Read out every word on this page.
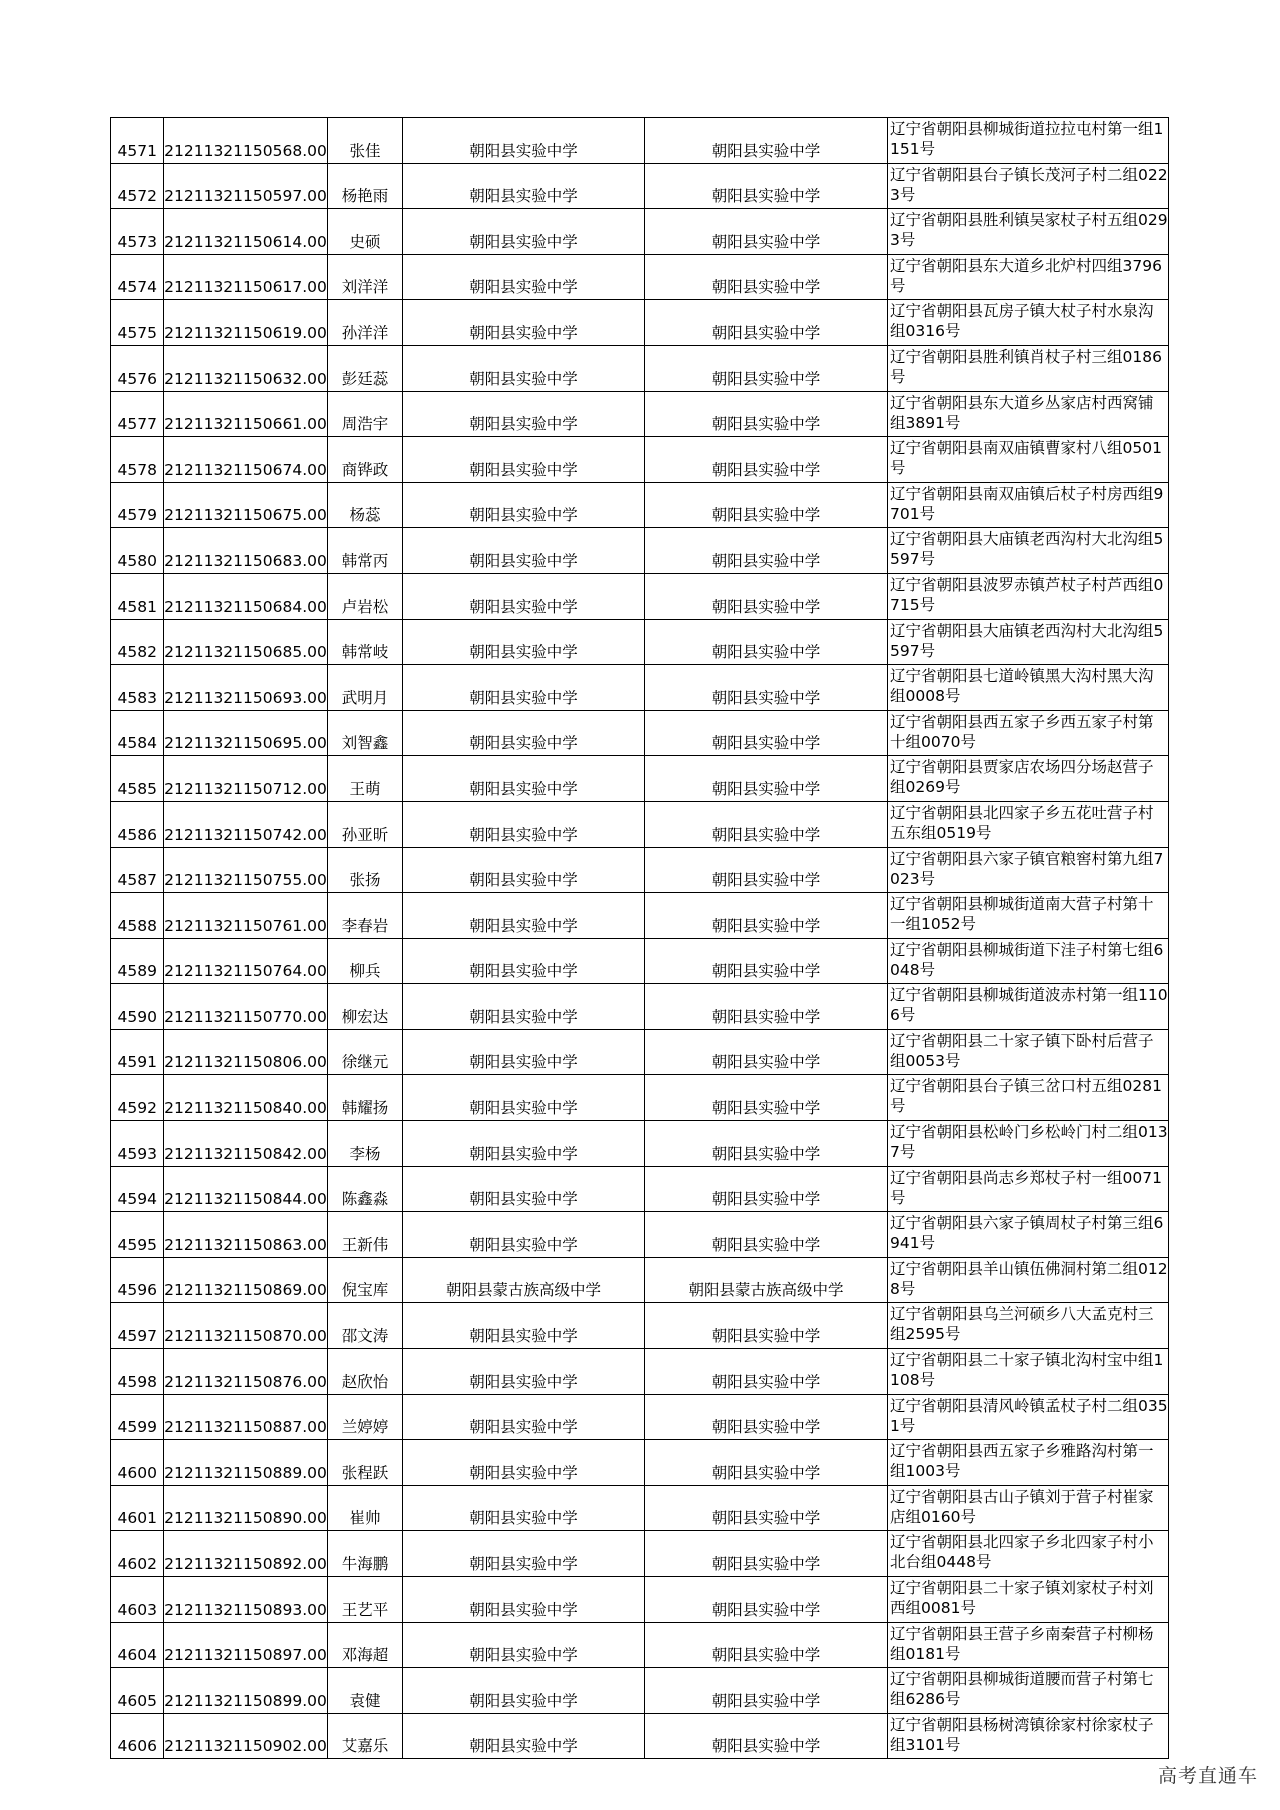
4571	21211321150568.00	张佳	朝阳县实验中学	朝阳县实验中学	辽宁省朝阳县柳城街道拉拉屯村第一组1151号
4572	21211321150597.00	杨艳雨	朝阳县实验中学	朝阳县实验中学	辽宁省朝阳县台子镇长茂河子村二组0223号
4573	21211321150614.00	史硕	朝阳县实验中学	朝阳县实验中学	辽宁省朝阳县胜利镇吴家杖子村五组0293号
4574	21211321150617.00	刘洋洋	朝阳县实验中学	朝阳县实验中学	辽宁省朝阳县东大道乡北炉村四组3796号
4575	21211321150619.00	孙洋洋	朝阳县实验中学	朝阳县实验中学	辽宁省朝阳县瓦房子镇大杖子村水泉沟组0316号
4576	21211321150632.00	彭廷蕊	朝阳县实验中学	朝阳县实验中学	辽宁省朝阳县胜利镇肖杖子村三组0186号
4577	21211321150661.00	周浩宇	朝阳县实验中学	朝阳县实验中学	辽宁省朝阳县东大道乡丛家店村西窝铺组3891号
4578	21211321150674.00	商铧政	朝阳县实验中学	朝阳县实验中学	辽宁省朝阳县南双庙镇曹家村八组0501号
4579	21211321150675.00	杨蕊	朝阳县实验中学	朝阳县实验中学	辽宁省朝阳县南双庙镇后杖子村房西组9701号
4580	21211321150683.00	韩常丙	朝阳县实验中学	朝阳县实验中学	辽宁省朝阳县大庙镇老西沟村大北沟组5597号
4581	21211321150684.00	卢岩松	朝阳县实验中学	朝阳县实验中学	辽宁省朝阳县波罗赤镇芦杖子村芦西组0715号
4582	21211321150685.00	韩常岐	朝阳县实验中学	朝阳县实验中学	辽宁省朝阳县大庙镇老西沟村大北沟组5597号
4583	21211321150693.00	武明月	朝阳县实验中学	朝阳县实验中学	辽宁省朝阳县七道岭镇黑大沟村黑大沟组0008号
4584	21211321150695.00	刘智鑫	朝阳县实验中学	朝阳县实验中学	辽宁省朝阳县西五家子乡西五家子村第十组0070号
4585	21211321150712.00	王萌	朝阳县实验中学	朝阳县实验中学	辽宁省朝阳县贾家店农场四分场赵营子组0269号
4586	21211321150742.00	孙亚昕	朝阳县实验中学	朝阳县实验中学	辽宁省朝阳县北四家子乡五花吐营子村五东组0519号
4587	21211321150755.00	张扬	朝阳县实验中学	朝阳县实验中学	辽宁省朝阳县六家子镇官粮窖村第九组7023号
4588	21211321150761.00	李春岩	朝阳县实验中学	朝阳县实验中学	辽宁省朝阳县柳城街道南大营子村第十一组1052号
4589	21211321150764.00	柳兵	朝阳县实验中学	朝阳县实验中学	辽宁省朝阳县柳城街道下洼子村第七组6048号
4590	21211321150770.00	柳宏达	朝阳县实验中学	朝阳县实验中学	辽宁省朝阳县柳城街道波赤村第一组1106号
4591	21211321150806.00	徐继元	朝阳县实验中学	朝阳县实验中学	辽宁省朝阳县二十家子镇下卧村后营子组0053号
4592	21211321150840.00	韩耀扬	朝阳县实验中学	朝阳县实验中学	辽宁省朝阳县台子镇三岔口村五组0281号
4593	21211321150842.00	李杨	朝阳县实验中学	朝阳县实验中学	辽宁省朝阳县松岭门乡松岭门村二组0137号
4594	21211321150844.00	陈鑫淼	朝阳县实验中学	朝阳县实验中学	辽宁省朝阳县尚志乡郑杖子村一组0071号
4595	21211321150863.00	王新伟	朝阳县实验中学	朝阳县实验中学	辽宁省朝阳县六家子镇周杖子村第三组6941号
4596	21211321150869.00	倪宝库	朝阳县蒙古族高级中学	朝阳县蒙古族高级中学	辽宁省朝阳县羊山镇伍佛洞村第二组0128号
4597	21211321150870.00	邵文涛	朝阳县实验中学	朝阳县实验中学	辽宁省朝阳县乌兰河硕乡八大孟克村三组2595号
4598	21211321150876.00	赵欣怡	朝阳县实验中学	朝阳县实验中学	辽宁省朝阳县二十家子镇北沟村宝中组1108号
4599	21211321150887.00	兰婷婷	朝阳县实验中学	朝阳县实验中学	辽宁省朝阳县清风岭镇孟杖子村二组0351号
4600	21211321150889.00	张程跃	朝阳县实验中学	朝阳县实验中学	辽宁省朝阳县西五家子乡雅路沟村第一组1003号
4601	21211321150890.00	崔帅	朝阳县实验中学	朝阳县实验中学	辽宁省朝阳县古山子镇刘于营子村崔家店组0160号
4602	21211321150892.00	牛海鹏	朝阳县实验中学	朝阳县实验中学	辽宁省朝阳县北四家子乡北四家子村小北台组0448号
4603	21211321150893.00	王艺平	朝阳县实验中学	朝阳县实验中学	辽宁省朝阳县二十家子镇刘家杖子村刘西组0081号
4604	21211321150897.00	邓海超	朝阳县实验中学	朝阳县实验中学	辽宁省朝阳县王营子乡南秦营子村柳杨组0181号
4605	21211321150899.00	袁健	朝阳县实验中学	朝阳县实验中学	辽宁省朝阳县柳城街道腰而营子村第七组6286号
4606	21211321150902.00	艾嘉乐	朝阳县实验中学	朝阳县实验中学	辽宁省朝阳县杨树湾镇徐家村徐家杖子组3101号
高考直通车
